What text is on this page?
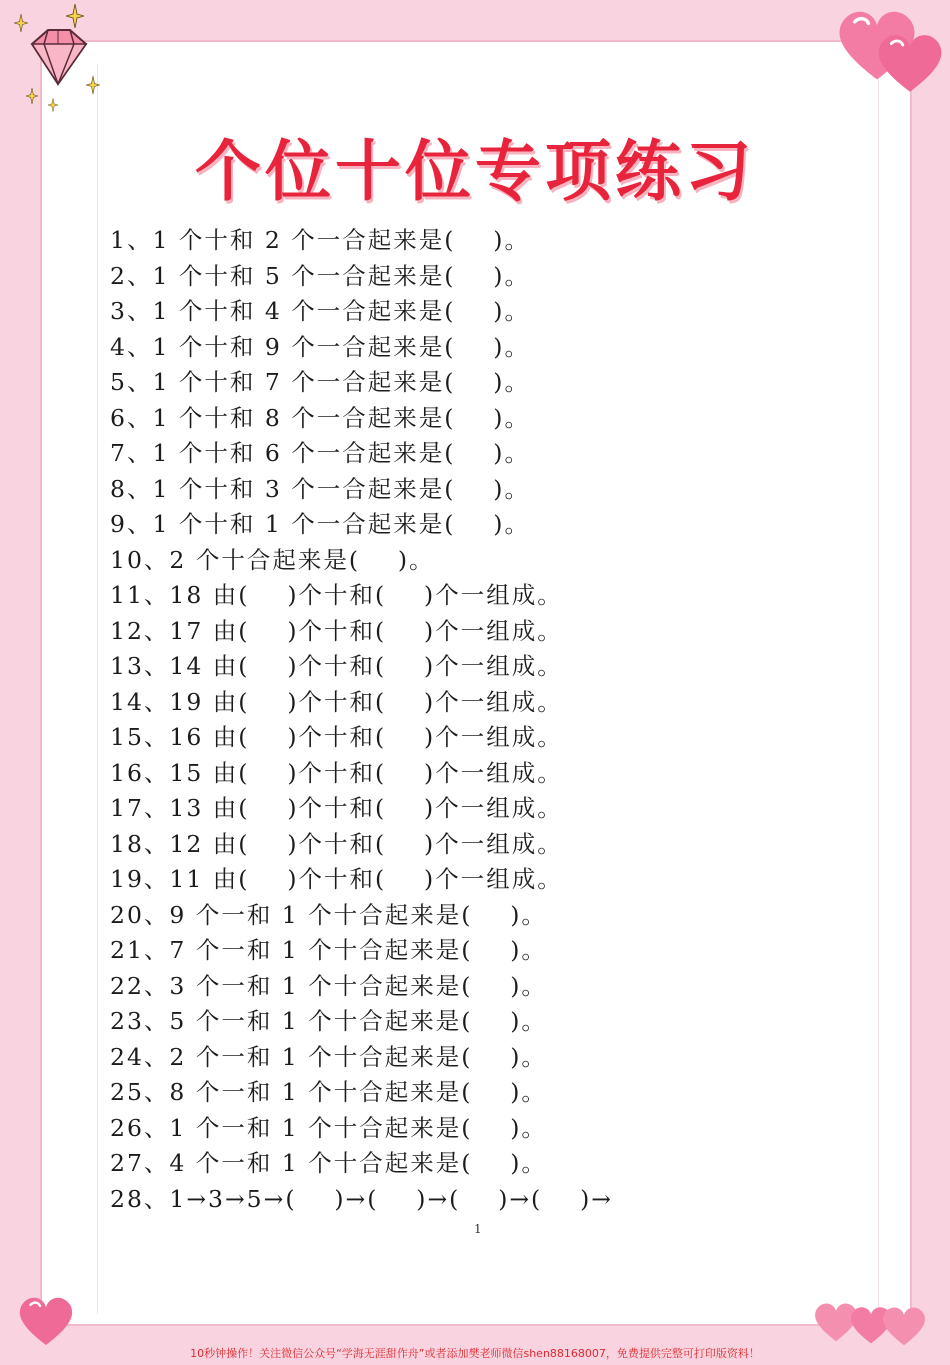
个位十位专项练习
1、1 个十和 2 个一合起来是(    )。
2、1 个十和 5 个一合起来是(    )。
3、1 个十和 4 个一合起来是(    )。
4、1 个十和 9 个一合起来是(    )。
5、1 个十和 7 个一合起来是(    )。
6、1 个十和 8 个一合起来是(    )。
7、1 个十和 6 个一合起来是(    )。
8、1 个十和 3 个一合起来是(    )。
9、1 个十和 1 个一合起来是(    )。
10、2 个十合起来是(    )。
11、18 由(    )个十和(    )个一组成。
12、17 由(    )个十和(    )个一组成。
13、14 由(    )个十和(    )个一组成。
14、19 由(    )个十和(    )个一组成。
15、16 由(    )个十和(    )个一组成。
16、15 由(    )个十和(    )个一组成。
17、13 由(    )个十和(    )个一组成。
18、12 由(    )个十和(    )个一组成。
19、11 由(    )个十和(    )个一组成。
20、9 个一和 1 个十合起来是(    )。
21、7 个一和 1 个十合起来是(    )。
22、3 个一和 1 个十合起来是(    )。
23、5 个一和 1 个十合起来是(    )。
24、2 个一和 1 个十合起来是(    )。
25、8 个一和 1 个十合起来是(    )。
26、1 个一和 1 个十合起来是(    )。
27、4 个一和 1 个十合起来是(    )。
28、1→3→5→(    )→(    )→(    )→(    )→
1
10秒钟操作！关注微信公众号“学海无涯甜作舟”或者添加樊老师微信shen88168007，免费提供完整可打印版资料！
